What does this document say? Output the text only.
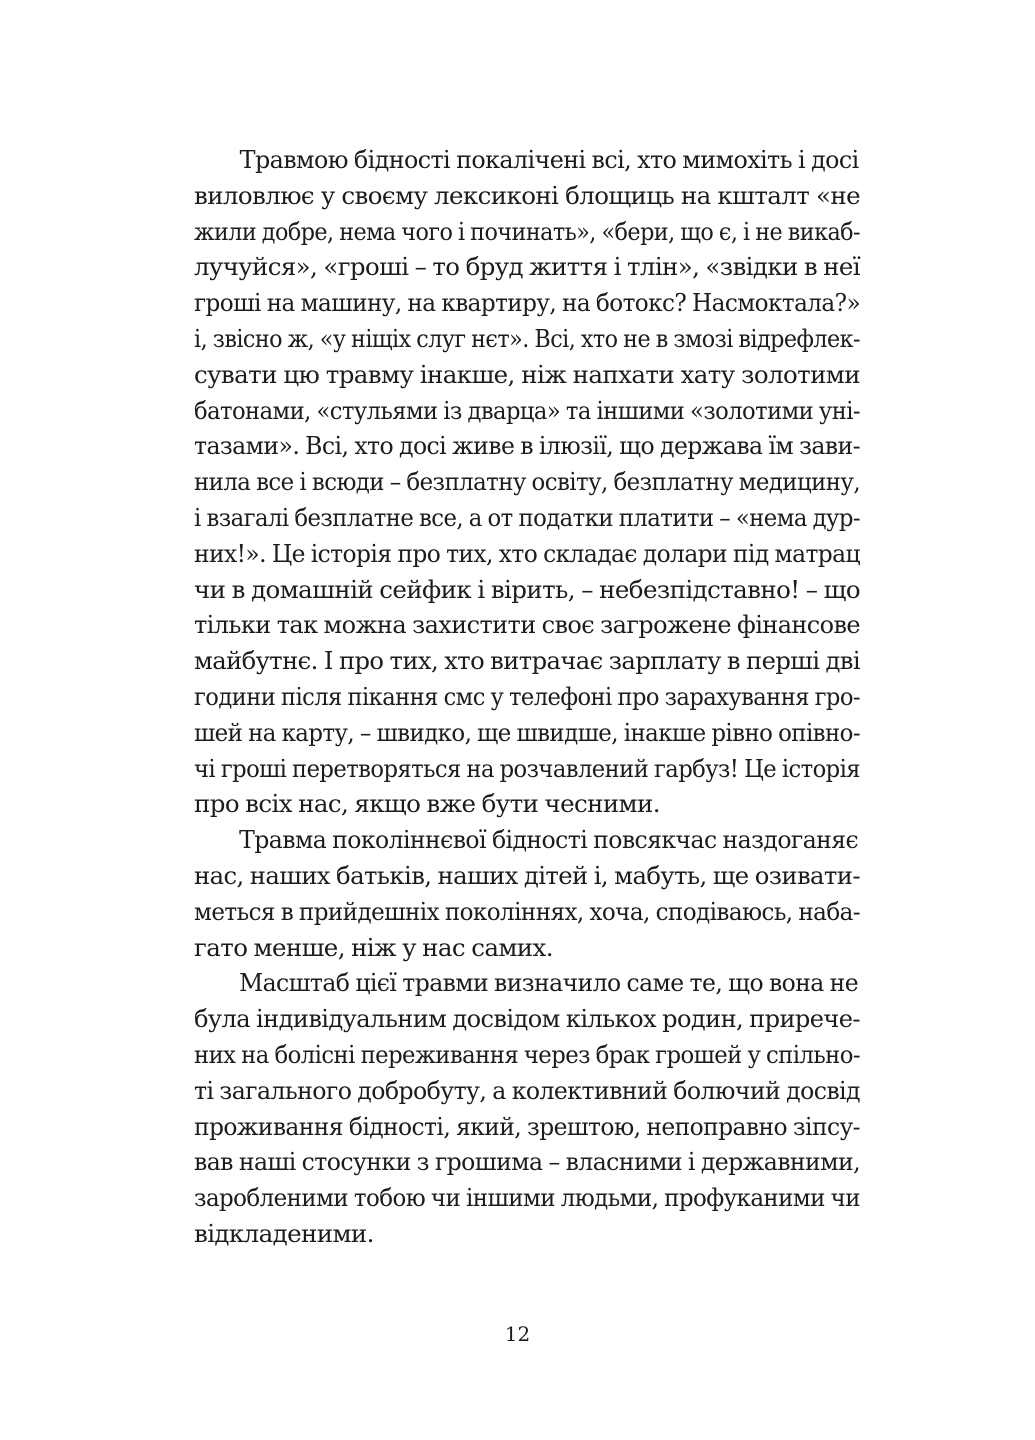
Травмою бідності покалічені всі, хто мимохіть і досі
виловлює у своєму лексиконі блощиць на кшталт «не
жили добре, нема чого і починать», «бери, що є, і не викаб-
лучуйся», «гроші – то бруд життя і тлін», «звідки в неї
гроші на машину, на квартиру, на ботокс? Насмоктала?»
і, звісно ж, «у ніщіх слуг нєт». Всі, хто не в змозі відрефлек-
сувати цю травму інакше, ніж напхати хату золотими
батонами, «стульями із дварца» та іншими «золотими уні-
тазами». Всі, хто досі живе в ілюзії, що держава їм зави-
нила все і всюди – безплатну освіту, безплатну медицину,
і взагалі безплатне все, а от податки платити – «нема дур-
них!». Це історія про тих, хто складає долари під матрац
чи в домашній сейфик і вірить, – небезпідставно! – що
тільки так можна захистити своє загрожене фінансове
майбутнє. І про тих, хто витрачає зарплату в перші дві
години після пікання смс у телефоні про зарахування гро-
шей на карту, – швидко, ще швидше, інакше рівно опівно-
чі гроші перетворяться на розчавлений гарбуз! Це історія
про всіх нас, якщо вже бути чесними.
Травма поколіннєвої бідності повсякчас наздоганяє
нас, наших батьків, наших дітей і, мабуть, ще озивати-
меться в прийдешніх поколіннях, хоча, сподіваюсь, наба-
гато менше, ніж у нас самих.
Масштаб цієї травми визначило саме те, що вона не
була індивідуальним досвідом кількох родин, прирече-
них на болісні переживання через брак грошей у спільно-
ті загального добробуту, а колективний болючий досвід
проживання бідності, який, зрештою, непоправно зіпсу-
вав наші стосунки з грошима – власними і державними,
заробленими тобою чи іншими людьми, профуканими чи
відкладеними.
12
